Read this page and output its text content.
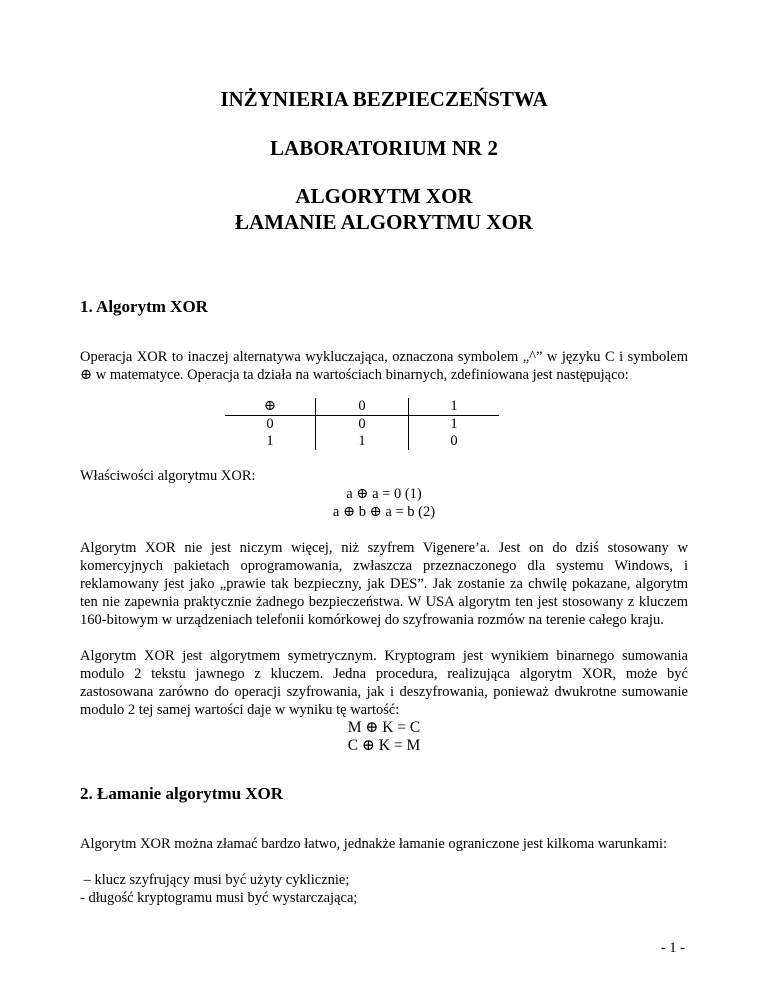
INŻYNIERIA BEZPIECZEŃSTWA
LABORATORIUM NR 2
ALGORYTM XOR
ŁAMANIE ALGORYTMU XOR
1. Algorytm XOR

Operacja XOR to inaczej alternatywa wykluczająca, oznaczona symbolem „^” w języku C i symbolem ⊕ w matematyce. Operacja ta działa na wartościach binarnych, zdefiniowana jest następująco:

⊕	0	1
0	0	1
1	1	0
Właściwości algorytmu XOR:
a ⊕ a = 0 (1)
a ⊕ b ⊕ a = b (2)

Algorytm XOR nie jest niczym więcej, niż szyfrem Vigenere’a. Jest on do dziś stosowany w komercyjnych pakietach oprogramowania, zwłaszcza przeznaczonego dla systemu Windows, i reklamowany jest jako „prawie tak bezpieczny, jak DES”. Jak zostanie za chwilę pokazane, algorytm ten nie zapewnia praktycznie żadnego bezpieczeństwa. W USA algorytm ten jest stosowany z kluczem 160-bitowym w urządzeniach telefonii komórkowej do szyfrowania rozmów na terenie całego kraju.

Algorytm XOR jest algorytmem symetrycznym. Kryptogram jest wynikiem binarnego sumowania modulo 2 tekstu jawnego z kluczem. Jedna procedura, realizująca algorytm XOR, może być zastosowana zarówno do operacji szyfrowania, jak i deszyfrowania, ponieważ dwukrotne sumowanie modulo 2 tej samej wartości daje w wyniku tę wartość:

M ⊕ K = C
C ⊕ K = M
2. Łamanie algorytmu XOR

Algorytm XOR można złamać bardzo łatwo, jednakże łamanie ograniczone jest kilkoma warunkami:

– klucz szyfrujący musi być użyty cyklicznie;
- długość kryptogramu musi być wystarczająca;
- 1 -
